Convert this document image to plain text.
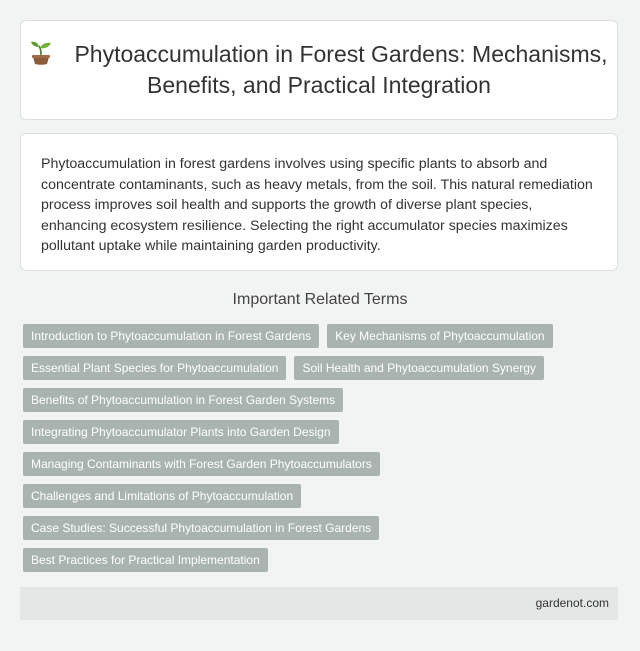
Phytoaccumulation in Forest Gardens: Mechanisms, Benefits, and Practical Integration

Phytoaccumulation in forest gardens involves using specific plants to absorb and concentrate contaminants, such as heavy metals, from the soil. This natural remediation process improves soil health and supports the growth of diverse plant species, enhancing ecosystem resilience. Selecting the right accumulator species maximizes pollutant uptake while maintaining garden productivity.

Important Related Terms
Introduction to Phytoaccumulation in Forest Gardens	Key Mechanisms of Phytoaccumulation
Essential Plant Species for Phytoaccumulation	Soil Health and Phytoaccumulation Synergy
Benefits of Phytoaccumulation in Forest Garden Systems
Integrating Phytoaccumulator Plants into Garden Design
Managing Contaminants with Forest Garden Phytoaccumulators
Challenges and Limitations of Phytoaccumulation
Case Studies: Successful Phytoaccumulation in Forest Gardens
Best Practices for Practical Implementation
gardenot.com
